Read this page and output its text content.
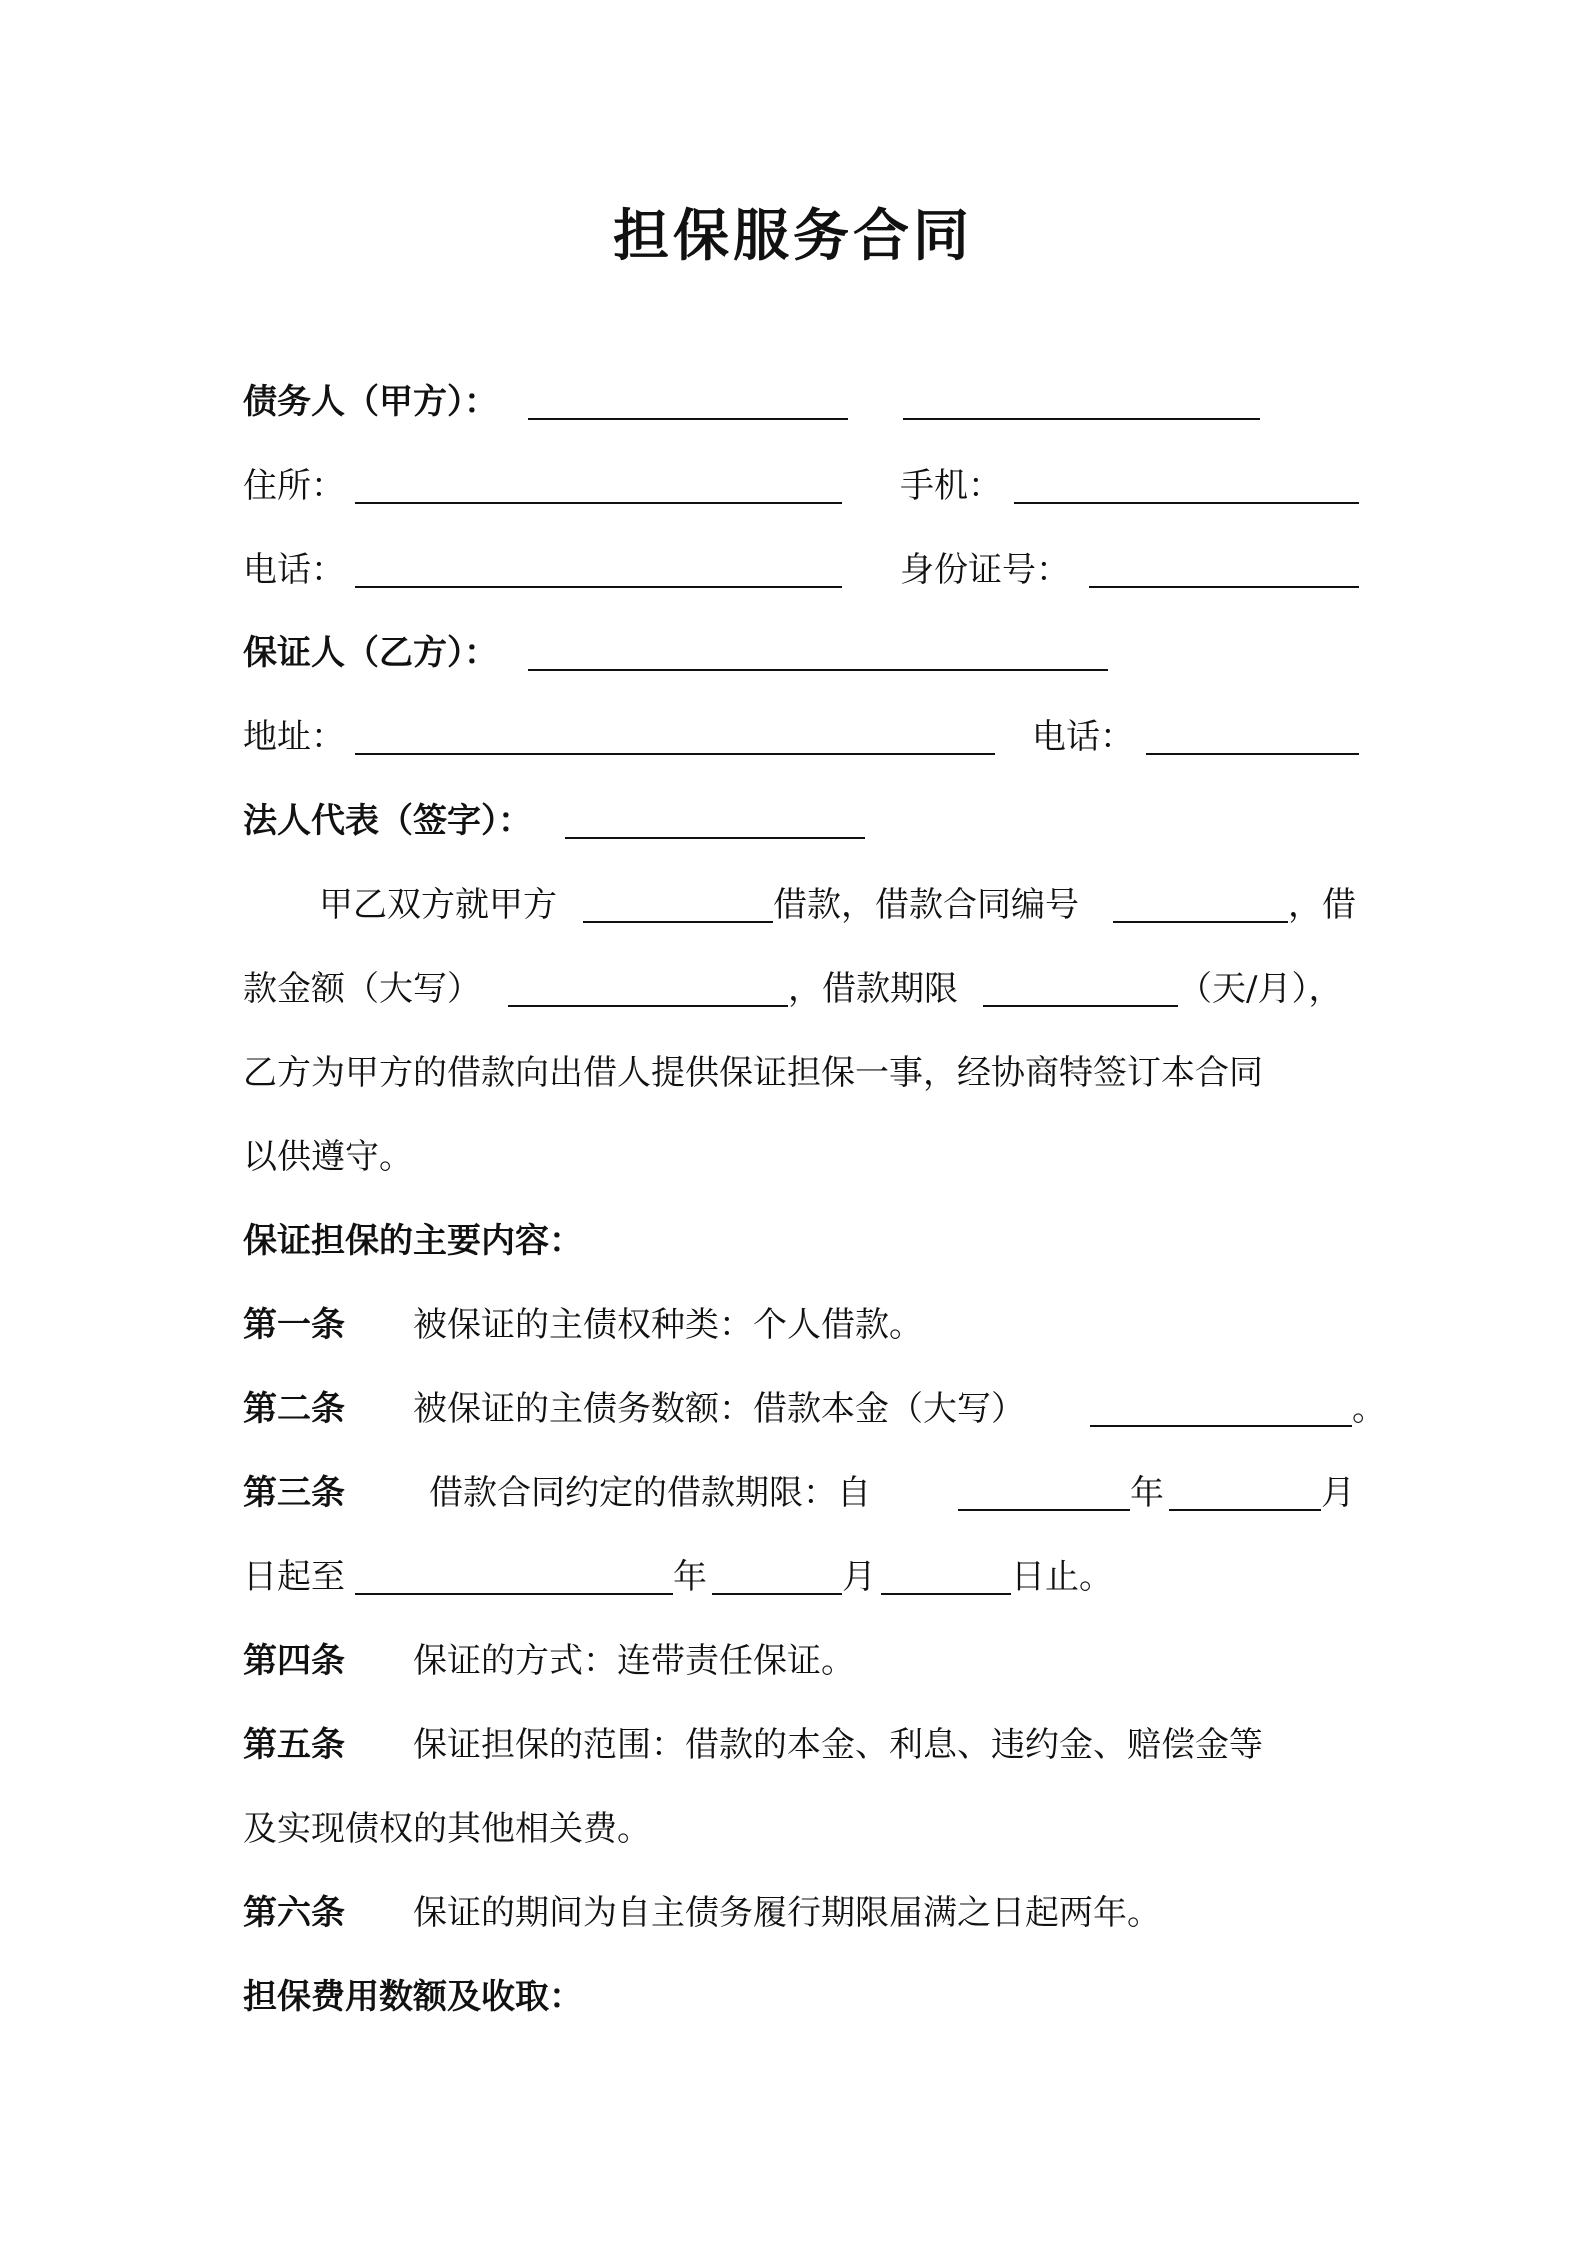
担保服务合同
债务人（甲方）：
住所：	手机：
电话：	身份证号：
保证人（乙方）：
地址：	电话：
法人代表（签字）：
甲乙双方就甲方	借款，借款合同编号	，借
款金额（大写）	，借款期限	（天/月），
乙方为甲方的借款向出借人提供保证担保一事，经协商特签订本合同
以供遵守。
保证担保的主要内容：
第一条 被保证的主债权种类：个人借款。
第二条 被保证的主债务数额：借款本金（大写）	。
第三条 借款合同约定的借款期限：自	年	月
日起至	年	月	日止。
第四条 保证的方式：连带责任保证。
第五条 保证担保的范围：借款的本金、利息、违约金、赔偿金等
及实现债权的其他相关费。
第六条 保证的期间为自主债务履行期限届满之日起两年。
担保费用数额及收取：
